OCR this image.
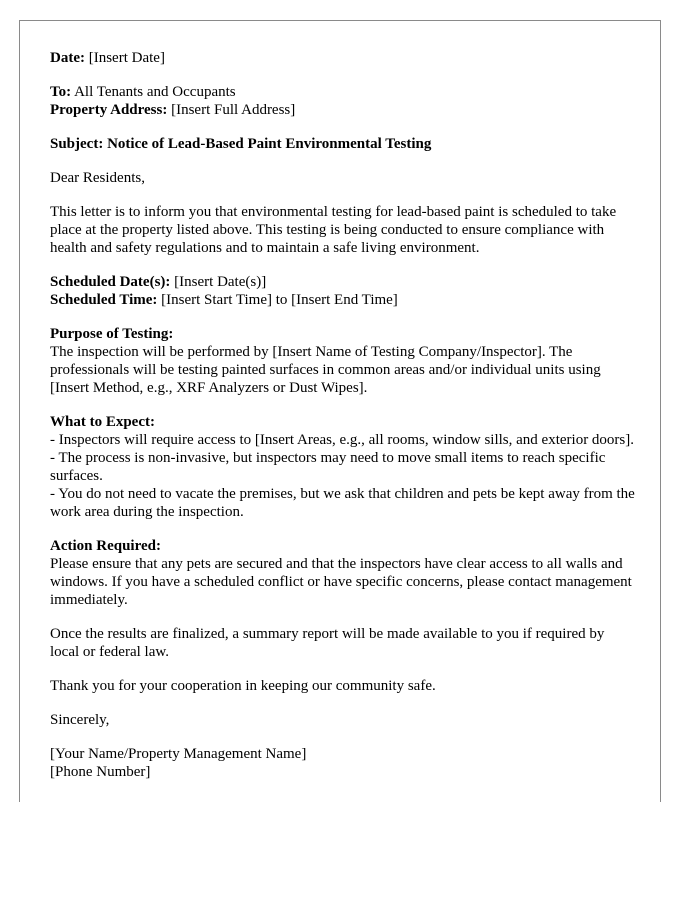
Date: [Insert Date]

To: All Tenants and Occupants
Property Address: [Insert Full Address]

Subject: Notice of Lead-Based Paint Environmental Testing

Dear Residents,

This letter is to inform you that environmental testing for lead-based paint is scheduled to take place at the property listed above. This testing is being conducted to ensure compliance with health and safety regulations and to maintain a safe living environment.

Scheduled Date(s): [Insert Date(s)]
Scheduled Time: [Insert Start Time] to [Insert End Time]

Purpose of Testing:
The inspection will be performed by [Insert Name of Testing Company/Inspector]. The professionals will be testing painted surfaces in common areas and/or individual units using [Insert Method, e.g., XRF Analyzers or Dust Wipes].
What to Expect:
- Inspectors will require access to [Insert Areas, e.g., all rooms, window sills, and exterior doors].
- The process is non-invasive, but inspectors may need to move small items to reach specific surfaces.
- You do not need to vacate the premises, but we ask that children and pets be kept away from the work area during the inspection.
Action Required:
Please ensure that any pets are secured and that the inspectors have clear access to all walls and windows. If you have a scheduled conflict or have specific concerns, please contact management immediately.

Once the results are finalized, a summary report will be made available to you if required by local or federal law.

Thank you for your cooperation in keeping our community safe.

Sincerely,

[Your Name/Property Management Name]
[Phone Number]
